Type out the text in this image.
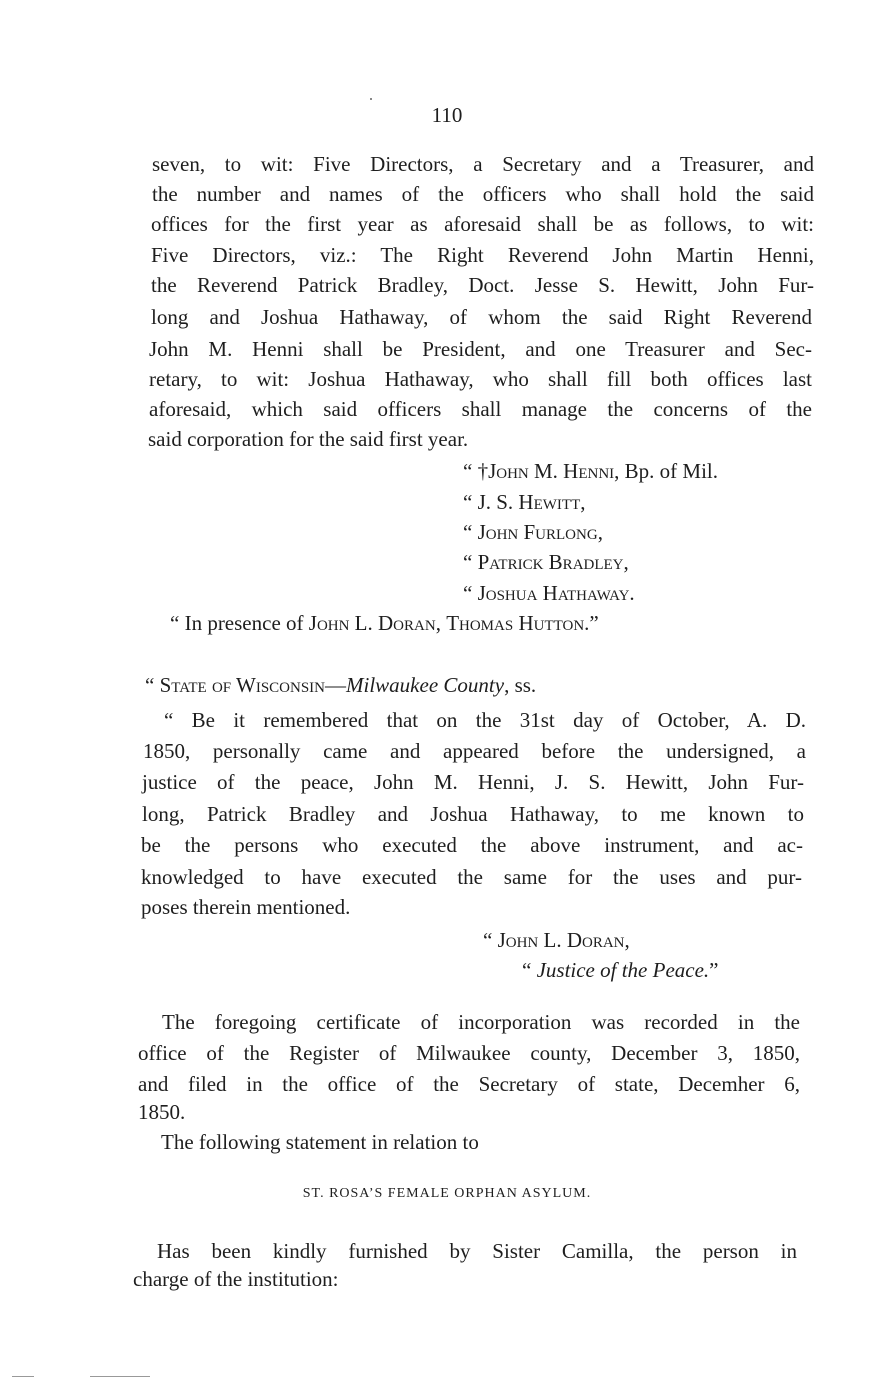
110
seven, to wit: Five Directors, a Secretary and a Treasurer, and
the number and names of the officers who shall hold the said
offices for the first year as aforesaid shall be as follows, to wit:
Five Directors, viz.: The Right Reverend John Martin Henni,
the Reverend Patrick Bradley, Doct. Jesse S. Hewitt, John Fur-
long and Joshua Hathaway, of whom the said Right Reverend
John M. Henni shall be President, and one Treasurer and Sec-
retary, to wit: Joshua Hathaway, who shall fill both offices last
aforesaid, which said officers shall manage the concerns of the
said corporation for the said first year.
“ †John M. Henni, Bp. of Mil.
“ J. S. Hewitt,
“ John Furlong,
“ Patrick Bradley,
“ Joshua Hathaway.
“ In presence of John L. Doran, Thomas Hutton.”
“ State of Wisconsin—Milwaukee County, ss.
“ Be it remembered that on the 31st day of October, A. D.
1850, personally came and appeared before the undersigned, a
justice of the peace, John M. Henni, J. S. Hewitt, John Fur-
long, Patrick Bradley and Joshua Hathaway, to me known to
be the persons who executed the above instrument, and ac-
knowledged to have executed the same for the uses and pur-
poses therein mentioned.
“ John L. Doran,
“ Justice of the Peace.”
The foregoing certificate of incorporation was recorded in the
office of the Register of Milwaukee county, December 3, 1850,
and filed in the office of the Secretary of state, Decemher 6,
1850.
The following statement in relation to
ST. ROSA’S FEMALE ORPHAN ASYLUM.
Has been kindly furnished by Sister Camilla, the person in
charge of the institution:
